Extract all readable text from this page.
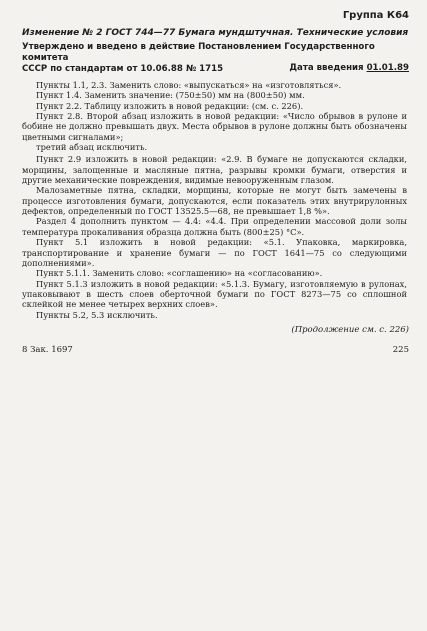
Группа К64
Изменение № 2 ГОСТ 744—77 Бумага мундштучная. Технические условия
Утверждено и введено в действие Постановлением Государственного комитета
СССР по стандартам от 10.06.88 № 1715	Дата введения 01.01.89

Пункты 1.1, 2.3. Заменить слово: «выпускаться» на «изготовляться».

Пункт 1.4. Заменить значение: (750±50) мм на (800±50) мм.

Пункт 2.2. Таблицу изложить в новой редакции: (см. с. 226).

Пункт 2.8. Второй абзац изложить в новой редакции: «Число обрывов в рулоне и бобине не должно превышать двух. Места обрывов в рулоне должны быть обозначены цветными сигналами»;

третий абзац исключить.

Пункт 2.9 изложить в новой редакции: «2.9. В бумаге не допускаются складки, морщины, залощенные и масляные пятна, разрывы кромки бумаги, отверстия и другие механические повреждения, видимые невооруженным глазом.

Малозаметные пятна, складки, морщины, которые не могут быть замечены в процессе изготовления бумаги, допускаются, если показатель этих внутрирулонных дефектов, определенный по ГОСТ 13525.5—68, не превышает 1,8 %».

Раздел 4 дополнить пунктом — 4.4: «4.4. При определении массовой доли золы температура прокаливания образца должна быть (800±25) °С».

Пункт 5.1 изложить в новой редакции: «5.1. Упаковка, маркировка, транспортирование и хранение бумаги — по ГОСТ 1641—75 со следующими дополнениями».

Пункт 5.1.1. Заменить слово: «соглашению» на «согласованию».

Пункт 5.1.3 изложить в новой редакции: «5.1.3. Бумагу, изготовляемую в рулонах, упаковывают в шесть слоев оберточной бумаги по ГОСТ 8273—75 со сплошной склейкой не менее четырех верхних слоев».

Пункты 5.2, 5.3 исключить.

(Продолжение см. с. 226)
8 Зак. 1697	225
